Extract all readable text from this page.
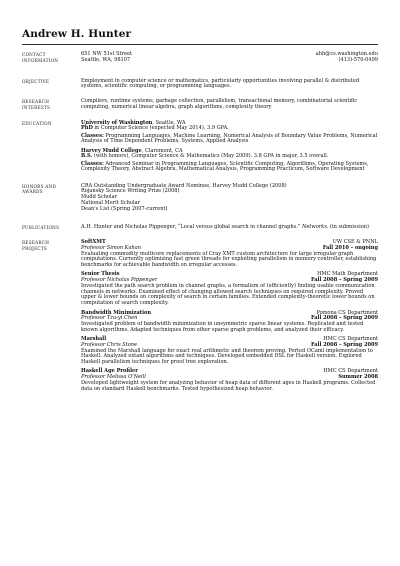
Andrew H. Hunter
CONTACT
INFORMATION
651 NW 51st Street	ahh@cs.washington.edu
Seattle, WA, 98107	(413)-570-0499
OBJECTIVE	Employment in computer science or mathematics, particularly opportunities involving parallel & distributed systems, scientific computing, or programming languages.

RESEARCH
INTERESTS

Compilers, runtime systems, garbage collection, parallelism, transactional memory, combinatorial scientific computing, numerical linear algebra, graph algorithms, complexity theory

EDUCATION	University of Washington, Seattle, WA

PhD in Computer Science (expected May 2014), 3.9 GPA.

Classes: Programming Languages, Machine Learning, Numerical Analysis of Boundary Value Problems, Numerical Analysis of Time Dependent Problems, Systems, Applied Analysis

Harvey Mudd College, Claremont, CA

B.S. (with honors), Computer Science & Mathematics (May 2009). 3.8 GPA in major, 3.5 overall.

Classes: Advanced Seminar in Programming Languages, Scientific Computing, Algorithms, Operating Systems, Complexity Theory, Abstract Algebra, Mathematical Analysis, Programming Practicum, Software Development

HONORS AND
AWARDS
CRA Outstanding Undergraduate Award Nominee, Harvey Mudd College (2008)
Rojansky Science Writing Prize (2008)
Mudd Scholar
National Merit Scholar
Dean's List (Spring 2007-current)
PUBLICATIONS	A.H. Hunter and Nicholas Pippenger, “Local versus global search in channel graphs.” Networks. (in submission)

RESEARCH
PROJECTS
SoftXMT	UW CSE & PNNL
Professor Simon Kahan	Fall 2010 – ongoing

Evaluating commodity multicore replacements of Cray XMT custom architecture for large irregular graph computations. Currently optimizing fast green threads for exploiting parallelism in memory controller, establishing benchmarks for achievable bandwidth on irregular accesses.

Senior Thesis	HMC Math Department
Professor Nicholas Pippenger	Fall 2008 – Spring 2009

Investigated the path search problem in channel graphs, a formalism of (efficiently) finding usable communication channels in networks. Examined effect of changing allowed search techniques on required complexity. Proved upper & lower bounds on complexity of search in certain families. Extended complexity-theoretic lower bounds on computation of search complexity.

Bandwidth Minimization	Pomona CS Department
Professor Tzu-yi Chen	Fall 2008 – Spring 2009

Investigated problem of bandwidth minimization in unsymmetric sparse linear systems. Replicated and tested known algorithms. Adapted techniques from other sparse graph problems, and analyzed their efficacy.

Marshall	HMC CS Department
Professor Chris Stone	Fall 2008 – Spring 2009

Examined the Marshall language for exact real arithmetic and theorem proving. Ported OCaml implementation to Haskell. Analyzed extant algorithms and techniques. Developed embedded DSL for Haskell version. Explored Haskell parallelism techniques for proof tree exploration.

Haskell Age Profiler	HMC CS Department
Professor Melissa O'Neill	Summer 2008

Developed lightweight system for analyzing behavior of heap data of different ages in Haskell programs. Collected data on standard Haskell benchmarks. Tested hypothesized heap behavior.
